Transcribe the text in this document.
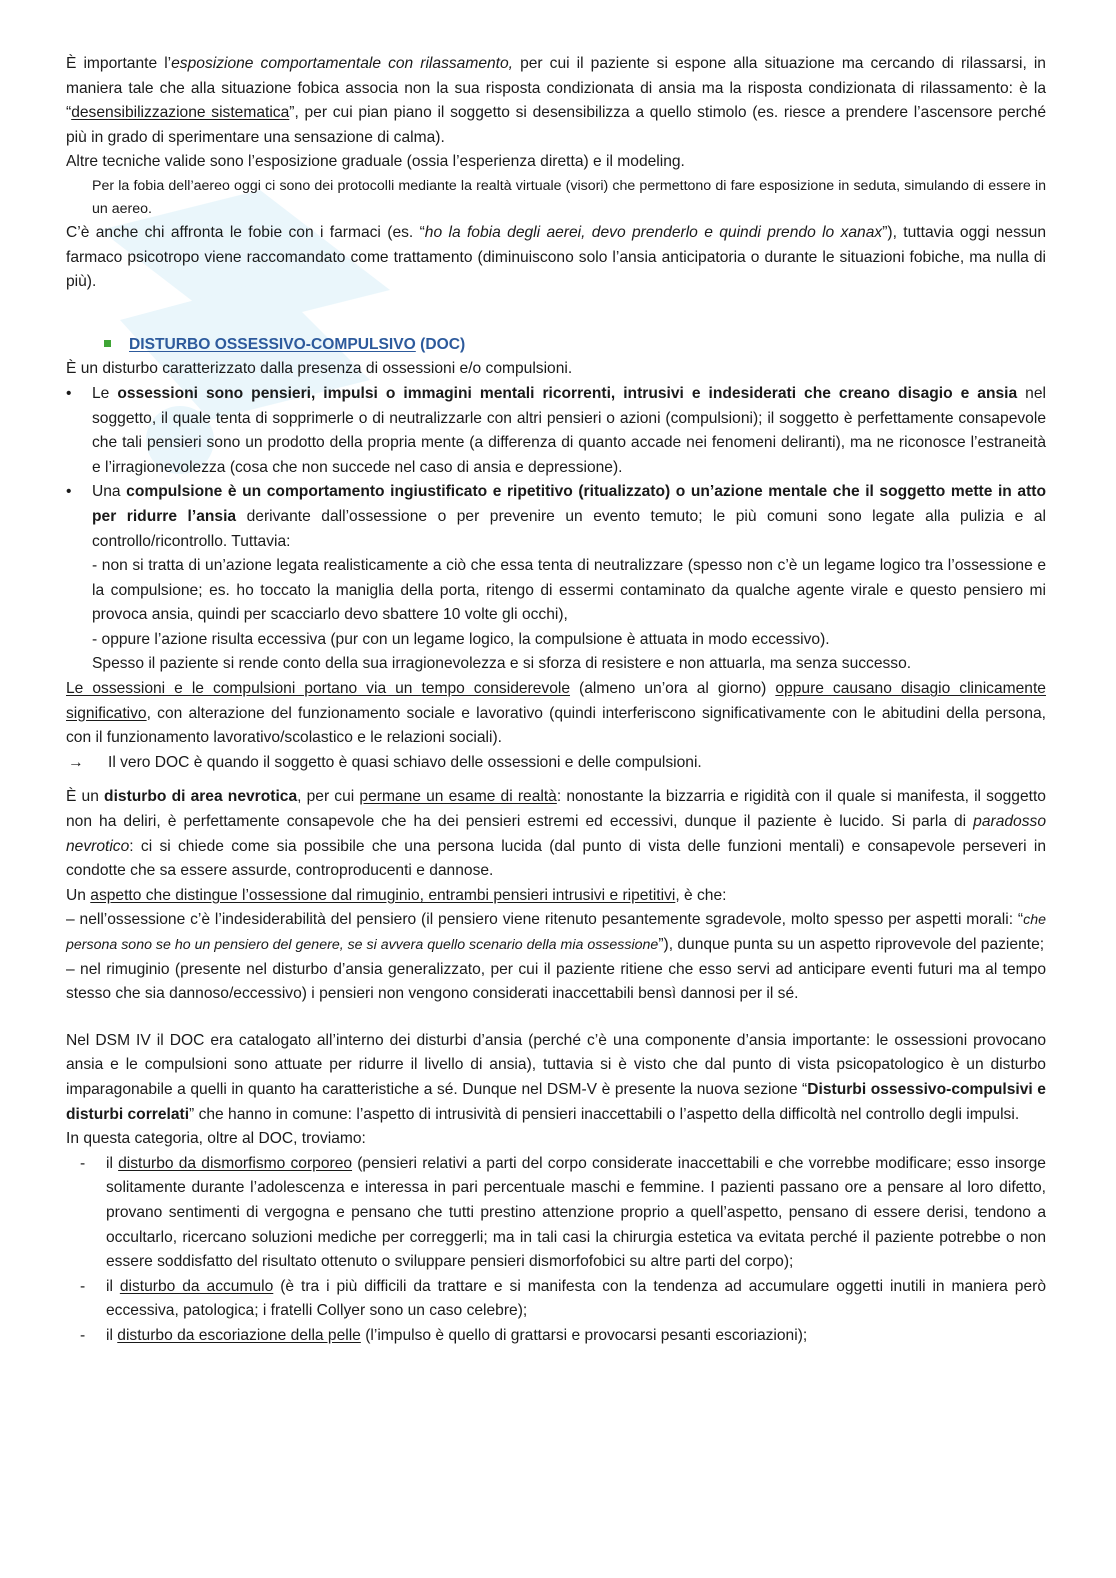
È importante l’esposizione comportamentale con rilassamento, per cui il paziente si espone alla situazione ma cercando di rilassarsi, in maniera tale che alla situazione fobica associa non la sua risposta condizionata di ansia ma la risposta condizionata di rilassamento: è la “desensibilizzazione sistematica”, per cui pian piano il soggetto si desensibilizza a quello stimolo (es. riesce a prendere l’ascensore perché più in grado di sperimentare una sensazione di calma).

Altre tecniche valide sono l’esposizione graduale (ossia l’esperienza diretta) e il modeling.

Per la fobia dell’aereo oggi ci sono dei protocolli mediante la realtà virtuale (visori) che permettono di fare esposizione in seduta, simulando di essere in un aereo.

C’è anche chi affronta le fobie con i farmaci (es. “ho la fobia degli aerei, devo prenderlo e quindi prendo lo xanax”), tuttavia oggi nessun farmaco psicotropo viene raccomandato come trattamento (diminuiscono solo l’ansia anticipatoria o durante le situazioni fobiche, ma nulla di più).

DISTURBO OSSESSIVO-COMPULSIVO (DOC)

È un disturbo caratterizzato dalla presenza di ossessioni e/o compulsioni.

•	Le ossessioni sono pensieri, impulsi o immagini mentali ricorrenti, intrusivi e indesiderati che creano disagio e ansia nel soggetto, il quale tenta di sopprimerle o di neutralizzarle con altri pensieri o azioni (compulsioni); il soggetto è perfettamente consapevole che tali pensieri sono un prodotto della propria mente (a differenza di quanto accade nei fenomeni deliranti), ma ne riconosce l’estraneità e l’irragionevolezza (cosa che non succede nel caso di ansia e depressione).
•	Una compulsione è un comportamento ingiustificato e ripetitivo (ritualizzato) o un’azione mentale che il soggetto mette in atto per ridurre l’ansia derivante dall’ossessione o per prevenire un evento temuto; le più comuni sono legate alla pulizia e al controllo/ricontrollo. Tuttavia:

- non si tratta di un’azione legata realisticamente a ciò che essa tenta di neutralizzare (spesso non c’è un legame logico tra l’ossessione e la compulsione; es. ho toccato la maniglia della porta, ritengo di essermi contaminato da qualche agente virale e questo pensiero mi provoca ansia, quindi per scacciarlo devo sbattere 10 volte gli occhi),

- oppure l’azione risulta eccessiva (pur con un legame logico, la compulsione è attuata in modo eccessivo).

Spesso il paziente si rende conto della sua irragionevolezza e si sforza di resistere e non attuarla, ma senza successo.

Le ossessioni e le compulsioni portano via un tempo considerevole (almeno un’ora al giorno) oppure causano disagio clinicamente significativo, con alterazione del funzionamento sociale e lavorativo (quindi interferiscono significativamente con le abitudini della persona, con il funzionamento lavorativo/scolastico e le relazioni sociali).

→	Il vero DOC è quando il soggetto è quasi schiavo delle ossessioni e delle compulsioni.

È un disturbo di area nevrotica, per cui permane un esame di realtà: nonostante la bizzarria e rigidità con il quale si manifesta, il soggetto non ha deliri, è perfettamente consapevole che ha dei pensieri estremi ed eccessivi, dunque il paziente è lucido. Si parla di paradosso nevrotico: ci si chiede come sia possibile che una persona lucida (dal punto di vista delle funzioni mentali) e consapevole perseveri in condotte che sa essere assurde, controproducenti e dannose.

Un aspetto che distingue l’ossessione dal rimuginio, entrambi pensieri intrusivi e ripetitivi, è che:

– nell’ossessione c’è l’indesiderabilità del pensiero (il pensiero viene ritenuto pesantemente sgradevole, molto spesso per aspetti morali: “che persona sono se ho un pensiero del genere, se si avvera quello scenario della mia ossessione”), dunque punta su un aspetto riprovevole del paziente;

– nel rimuginio (presente nel disturbo d’ansia generalizzato, per cui il paziente ritiene che esso servi ad anticipare eventi futuri ma al tempo stesso che sia dannoso/eccessivo) i pensieri non vengono considerati inaccettabili bensì dannosi per il sé.

Nel DSM IV il DOC era catalogato all’interno dei disturbi d’ansia (perché c’è una componente d’ansia importante: le ossessioni provocano ansia e le compulsioni sono attuate per ridurre il livello di ansia), tuttavia si è visto che dal punto di vista psicopatologico è un disturbo imparagonabile a quelli in quanto ha caratteristiche a sé. Dunque nel DSM-V è presente la nuova sezione “Disturbi ossessivo-compulsivi e disturbi correlati” che hanno in comune: l’aspetto di intrusività di pensieri inaccettabili o l’aspetto della difficoltà nel controllo degli impulsi.

In questa categoria, oltre al DOC, troviamo:

-	il disturbo da dismorfismo corporeo (pensieri relativi a parti del corpo considerate inaccettabili e che vorrebbe modificare; esso insorge solitamente durante l’adolescenza e interessa in pari percentuale maschi e femmine. I pazienti passano ore a pensare al loro difetto, provano sentimenti di vergogna e pensano che tutti prestino attenzione proprio a quell’aspetto, pensano di essere derisi, tendono a occultarlo, ricercano soluzioni mediche per correggerli; ma in tali casi la chirurgia estetica va evitata perché il paziente potrebbe o non essere soddisfatto del risultato ottenuto o sviluppare pensieri dismorfofobici su altre parti del corpo);
-	il disturbo da accumulo (è tra i più difficili da trattare e si manifesta con la tendenza ad accumulare oggetti inutili in maniera però eccessiva, patologica; i fratelli Collyer sono un caso celebre);
-	il disturbo da escoriazione della pelle (l’impulso è quello di grattarsi e provocarsi pesanti escoriazioni);
